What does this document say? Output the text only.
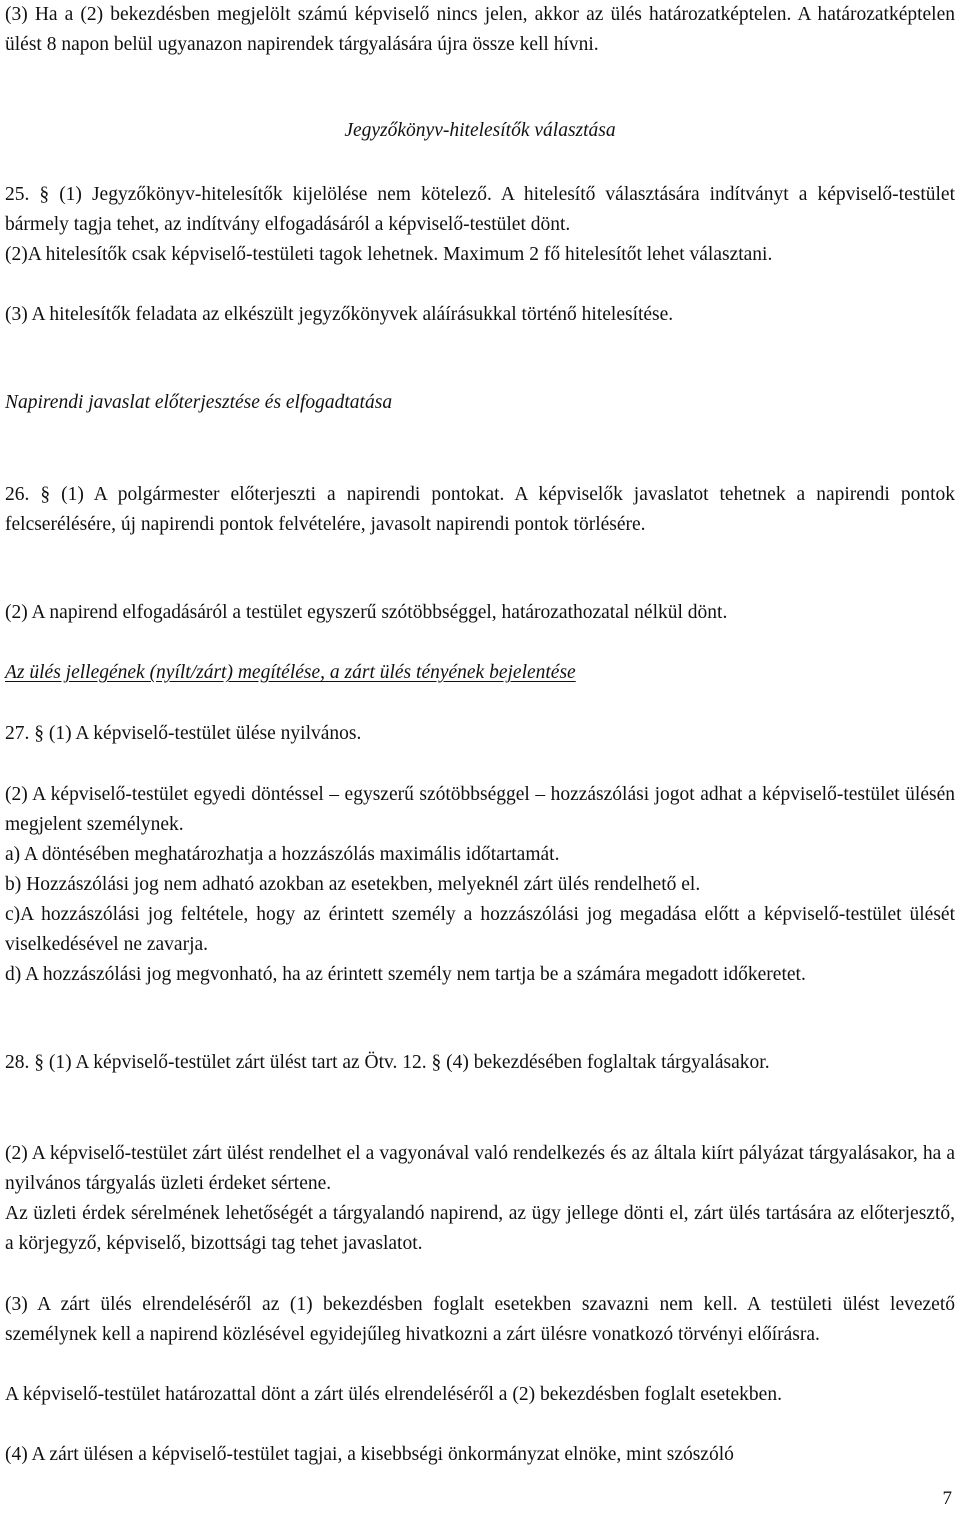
(3) Ha a (2) bekezdésben megjelölt számú képviselő nincs jelen, akkor az ülés határozatképtelen. A határozatképtelen ülést 8 napon belül ugyanazon napirendek tárgyalására újra össze kell hívni.

Jegyzőkönyv-hitelesítők választása

25. § (1) Jegyzőkönyv-hitelesítők kijelölése nem kötelező. A hitelesítő választására indítványt a képviselő-testület bármely tagja tehet, az indítvány elfogadásáról a képviselő-testület dönt.

(2)A hitelesítők csak képviselő-testületi tagok lehetnek. Maximum 2 fő hitelesítőt lehet választani.

(3) A hitelesítők feladata az elkészült jegyzőkönyvek aláírásukkal történő hitelesítése.

Napirendi javaslat előterjesztése és elfogadtatása

26. § (1) A polgármester előterjeszti a napirendi pontokat. A képviselők javaslatot tehetnek a napirendi pontok felcserélésére, új napirendi pontok felvételére, javasolt napirendi pontok törlésére.

(2) A napirend elfogadásáról a testület egyszerű szótöbbséggel, határozathozatal nélkül dönt.

Az ülés jellegének (nyílt/zárt) megítélése, a zárt ülés tényének bejelentése

27. § (1) A képviselő-testület ülése nyilvános.

(2) A képviselő-testület egyedi döntéssel – egyszerű szótöbbséggel – hozzászólási jogot adhat a képviselő-testület ülésén megjelent személynek.

a) A döntésében meghatározhatja a hozzászólás maximális időtartamát.

b) Hozzászólási jog nem adható azokban az esetekben, melyeknél zárt ülés rendelhető el.

c)A hozzászólási jog feltétele, hogy az érintett személy a hozzászólási jog megadása előtt a képviselő-testület ülését viselkedésével ne zavarja.

d) A hozzászólási jog megvonható, ha az érintett személy nem tartja be a számára megadott időkeretet.

28. § (1) A képviselő-testület zárt ülést tart az Ötv. 12. § (4) bekezdésében foglaltak tárgyalásakor.

(2) A képviselő-testület zárt ülést rendelhet el a vagyonával való rendelkezés és az általa kiírt pályázat tárgyalásakor, ha a nyilvános tárgyalás üzleti érdeket sértene.

Az üzleti érdek sérelmének lehetőségét a tárgyalandó napirend, az ügy jellege dönti el, zárt ülés tartására az előterjesztő, a körjegyző, képviselő, bizottsági tag tehet javaslatot.

(3) A zárt ülés elrendeléséről az (1) bekezdésben foglalt esetekben szavazni nem kell. A testületi ülést levezető személynek kell a napirend közlésével egyidejűleg hivatkozni a zárt ülésre vonatkozó törvényi előírásra.

A képviselő-testület határozattal dönt a zárt ülés elrendeléséről a (2) bekezdésben foglalt esetekben.

(4) A zárt ülésen a képviselő-testület tagjai, a kisebbségi önkormányzat elnöke, mint szószóló

7
